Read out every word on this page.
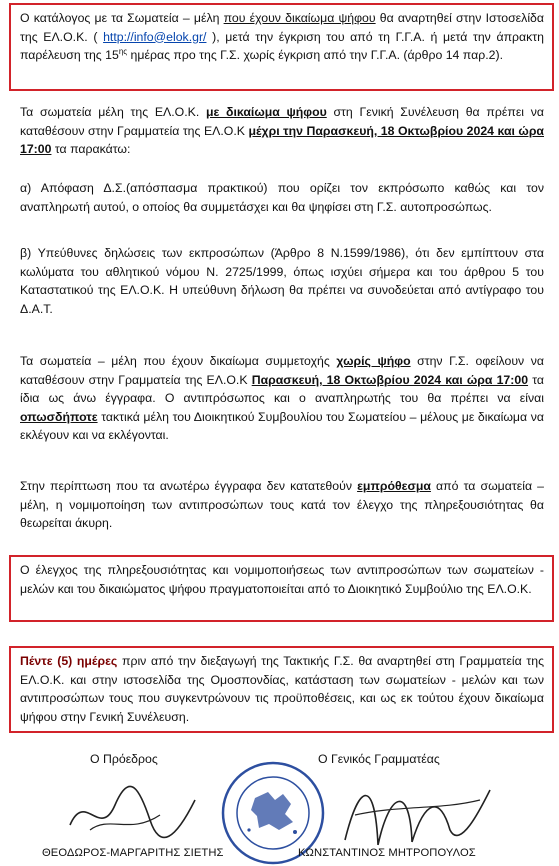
Ο κατάλογος με τα Σωματεία – μέλη που έχουν δικαίωμα ψήφου θα αναρτηθεί στην Ιστοσελίδα της ΕΛ.Ο.Κ. ( http://info@elok.gr/ ), μετά την έγκριση του από τη Γ.Γ.Α. ή μετά την άπρακτη παρέλευση της $15^{\eta\varsigma}$ ημέρας προ της Γ.Σ. χωρίς έγκριση από την Γ.Γ.Α. (άρθρο 14 παρ.2).

Τα σωματεία μέλη της ΕΛ.Ο.Κ. με δικαίωμα ψήφου στη Γενική Συνέλευση θα πρέπει να καταθέσουν στην Γραμματεία της ΕΛ.Ο.Κ μέχρι την Παρασκευή, 18 Οκτωβρίου 2024 και ώρα 17:00 τα παρακάτω:

α) Απόφαση Δ.Σ.(απόσπασμα πρακτικού) που ορίζει τον εκπρόσωπο καθώς και τον αναπληρωτή αυτού, ο οποίος θα συμμετάσχει και θα ψηφίσει στη Γ.Σ. αυτοπροσώπως.

β) Υπεύθυνες δηλώσεις των εκπροσώπων (Άρθρο 8 Ν.1599/1986), ότι δεν εμπίπτουν στα κωλύματα του αθλητικού νόμου Ν. 2725/1999, όπως ισχύει σήμερα και του άρθρου 5 του Καταστατικού της ΕΛ.Ο.Κ. Η υπεύθυνη δήλωση θα πρέπει να συνοδεύεται από αντίγραφο του Δ.Α.Τ.

Τα σωματεία – μέλη που έχουν δικαίωμα συμμετοχής χωρίς ψήφο στην Γ.Σ. οφείλουν να καταθέσουν στην Γραμματεία της ΕΛ.Ο.Κ Παρασκευή, 18 Οκτωβρίου 2024 και ώρα 17:00 τα ίδια ως άνω έγγραφα. Ο αντιπρόσωπος και ο αναπληρωτής του θα πρέπει να είναι οπωσδήποτε τακτικά μέλη του Διοικητικού Συμβουλίου του Σωματείου – μέλους με δικαίωμα να εκλέγουν και να εκλέγονται.

Στην περίπτωση που τα ανωτέρω έγγραφα δεν κατατεθούν εμπρόθεσμα από τα σωματεία – μέλη, η νομιμοποίηση των αντιπροσώπων τους κατά τον έλεγχο της πληρεξουσιότητας θα θεωρείται άκυρη.

Ο έλεγχος της πληρεξουσιότητας και νομιμοποιήσεως των αντιπροσώπων των σωματείων - μελών και του δικαιώματος ψήφου πραγματοποιείται από το Διοικητικό Συμβούλιο της ΕΛ.Ο.Κ.

Πέντε (5) ημέρες πριν από την διεξαγωγή της Τακτικής Γ.Σ. θα αναρτηθεί στη Γραμματεία της ΕΛ.Ο.Κ. και στην ιστοσελίδα της Ομοσπονδίας, κατάσταση των σωματείων - μελών και των αντιπροσώπων τους που συγκεντρώνουν τις προϋποθέσεις, και ως εκ τούτου έχουν δικαίωμα ψήφου στην Γενική Συνέλευση.

Ο Πρόεδρος	Ο Γενικός Γραμματέας
ΘΕΟΔΩΡΟΣ-ΜΑΡΓΑΡΙΤΗΣ ΣΙΕΤΗΣ	ΚΩΝΣΤΑΝΤΙΝΟΣ ΜΗΤΡΟΠΟΥΛΟΣ
